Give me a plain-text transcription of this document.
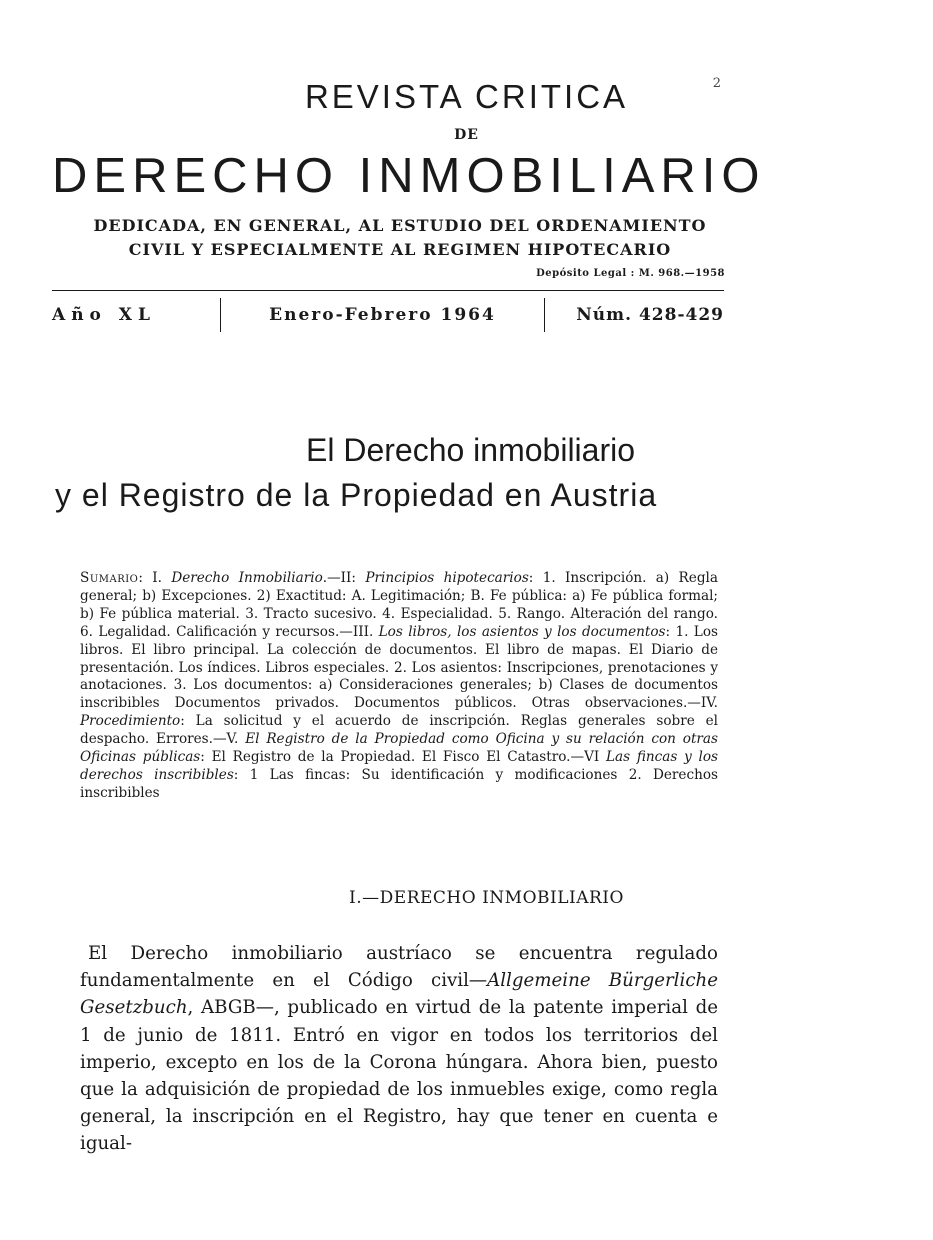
2
REVISTA CRITICA
DE
DERECHO INMOBILIARIO
DEDICADA, EN GENERAL, AL ESTUDIO DEL ORDENAMIENTO
CIVIL Y ESPECIALMENTE AL REGIMEN HIPOTECARIO
Depósito Legal : M. 968.—1958
Año XL	Enero-Febrero 1964	Núm. 428-429
El Derecho inmobiliario
y el Registro de la Propiedad en Austria
Sumario: I. Derecho Inmobiliario.—II: Principios hipotecarios: 1. Inscripción. a) Regla general; b) Excepciones. 2) Exactitud: A. Legitimación; B. Fe pública: a) Fe pública formal; b) Fe pública material. 3. Tracto sucesivo. 4. Especialidad. 5. Rango. Alteración del rango. 6. Legalidad. Calificación y recursos.—III. Los libros, los asientos y los documentos: 1. Los libros. El libro principal. La colección de documentos. El libro de mapas. El Diario de presentación. Los índices. Libros especiales. 2. Los asientos: Inscripciones, prenotaciones y anotaciones. 3. Los documentos: a) Consideraciones generales; b) Clases de documentos inscribibles Documentos privados. Documentos públicos. Otras observaciones.—IV. Procedimiento: La solicitud y el acuerdo de inscripción. Reglas generales sobre el despacho. Errores.—V. El Registro de la Propiedad como Oficina y su relación con otras Oficinas públicas: El Registro de la Propiedad. El Fisco El Catastro.—VI Las fincas y los derechos inscribibles: 1 Las fincas: Su identificación y modificaciones 2. Derechos inscribibles
I.—DERECHO INMOBILIARIO
El Derecho inmobiliario austríaco se encuentra regulado fundamentalmente en el Código civil—Allgemeine Bürgerliche Gesetzbuch, ABGB—, publicado en virtud de la patente imperial de 1 de junio de 1811. Entró en vigor en todos los territorios del imperio, excepto en los de la Corona húngara. Ahora bien, puesto que la adquisición de propiedad de los inmuebles exige, como regla general, la inscripción en el Registro, hay que tener en cuenta e igual-
